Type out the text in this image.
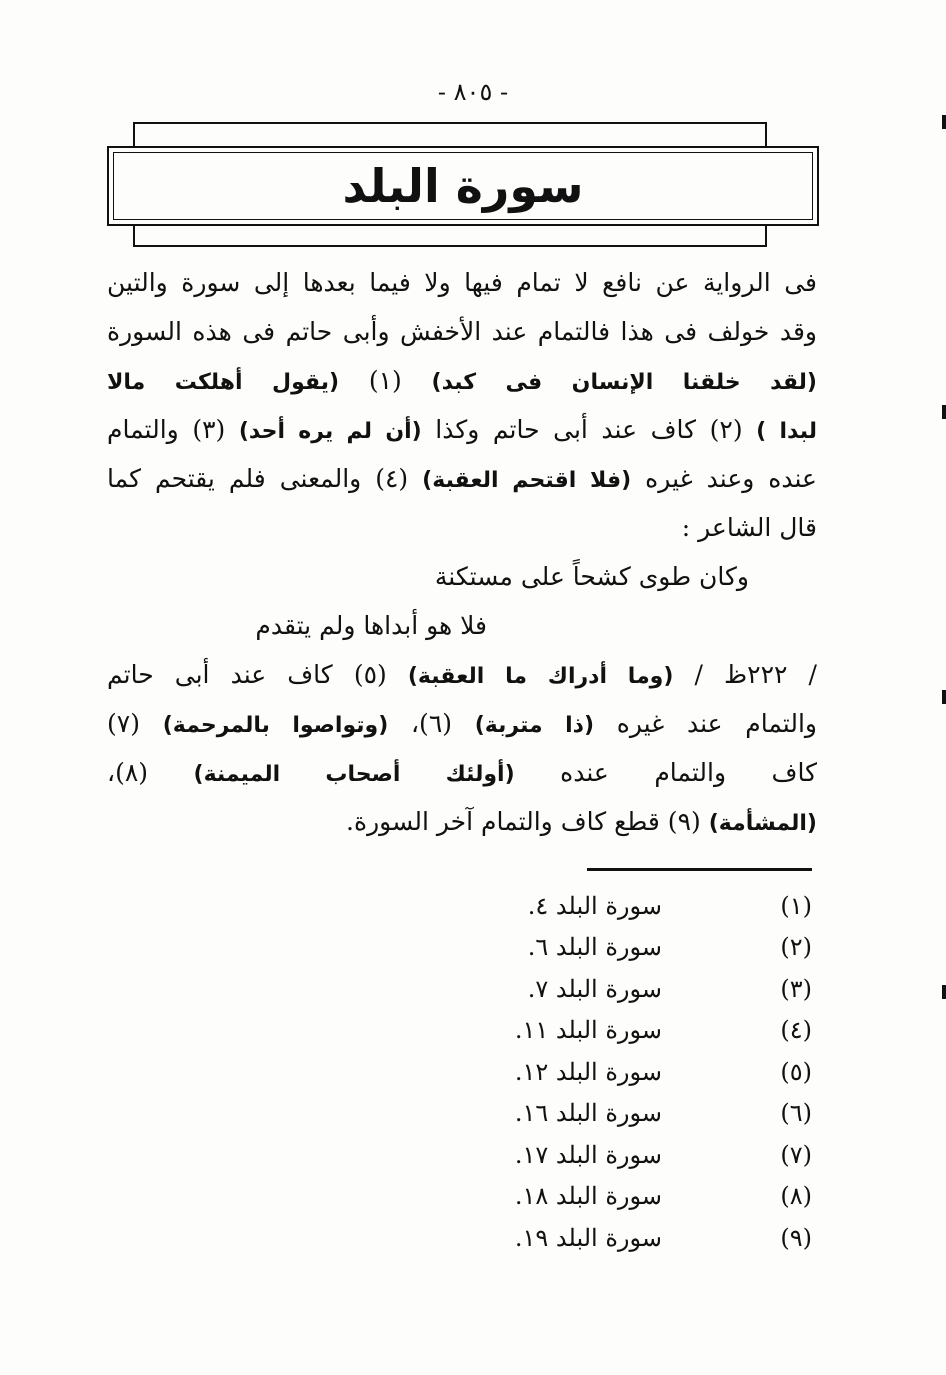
- ٨٠٥ -
سورة البلد
فى الرواية عن نافع لا تمام فيها ولا فيما بعدها إلى سورة والتين
وقد خولف فى هذا فالتمام عند الأخفش وأبى حاتم فى هذه السورة
(لقد خلقنا الإنسان فى كبد) (١) (يقول أهلكت مالا
لبدا ) (٢) كاف عند أبى حاتم وكذا (أن لم يره أحد) (٣) والتمام
عنده وعند غيره (فلا اقتحم العقبة) (٤) والمعنى فلم يقتحم كما
قال الشاعر :
وكان طوى كشحاً على مستكنة
فلا هو أبداها ولم يتقدم
/ ٢٢٢ظ / (وما أدراك ما العقبة) (٥) كاف عند أبى حاتم
والتمام عند غيره (ذا متربة) (٦)، (وتواصوا بالمرحمة) (٧)
كاف والتمام عنده (أولئك أصحاب الميمنة) (٨)،
(المشأمة) (٩) قطع كاف والتمام آخر السورة.
(١)
سورة البلد ٤.
(٢)
سورة البلد ٦.
(٣)
سورة البلد ٧.
(٤)
سورة البلد ١١.
(٥)
سورة البلد ١٢.
(٦)
سورة البلد ١٦.
(٧)
سورة البلد ١٧.
(٨)
سورة البلد ١٨.
(٩)
سورة البلد ١٩.
